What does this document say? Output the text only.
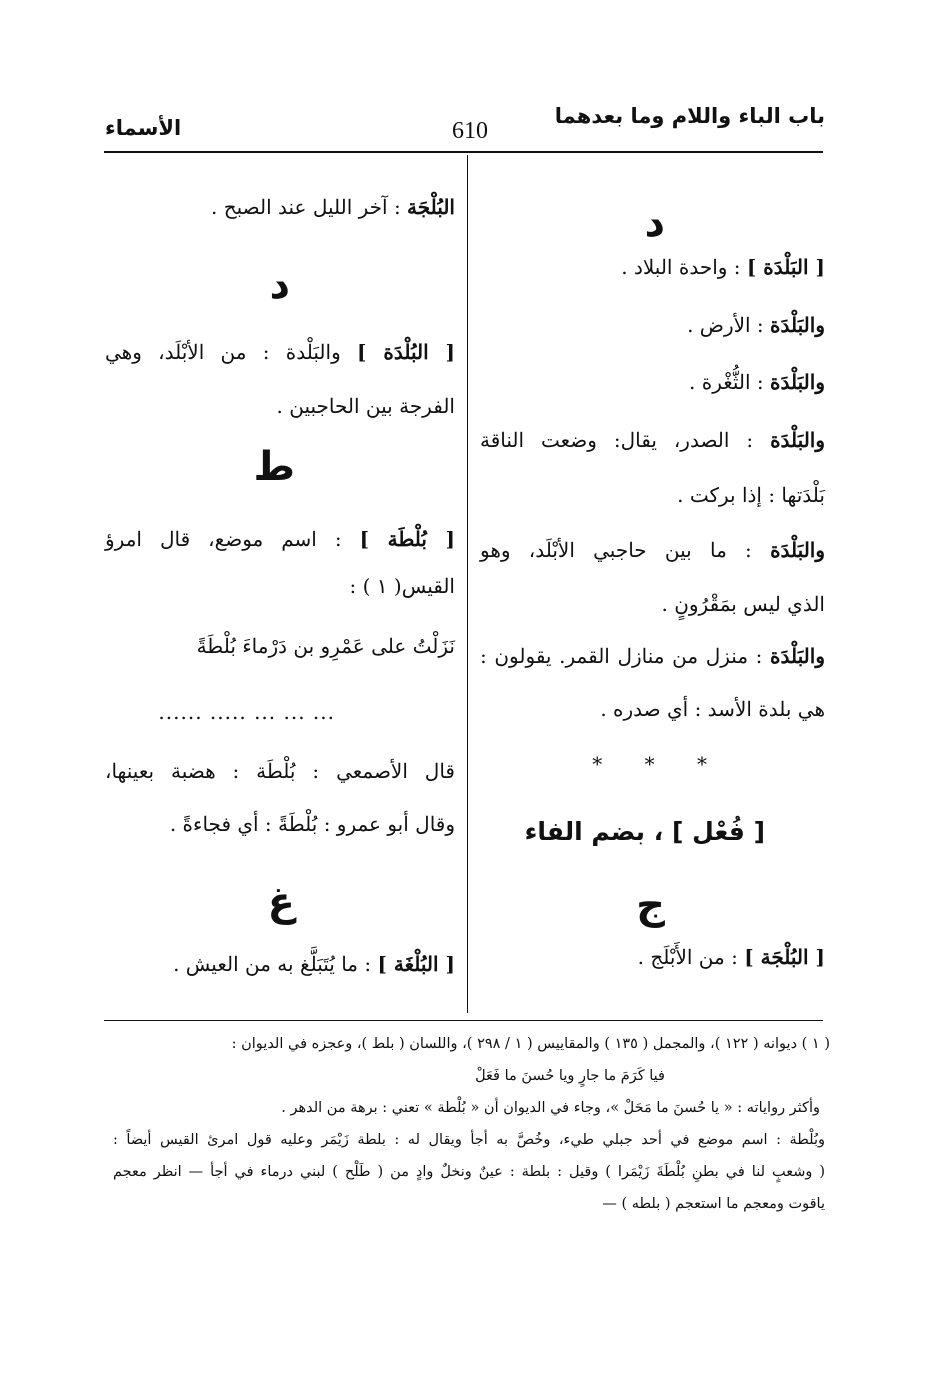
باب الباء واللام وما بعدهما
610
الأسماء
د
[ البَلْدَة ] : واحدة البلاد .
والبَلْدَة : الأرض .
والبَلْدَة : الثُّغْرة .
والبَلْدَة : الصدر، يقال: وضعت الناقة
بَلْدَتها : إذا بركت .
والبَلْدَة : ما بين حاجبي الأبْلَد، وهو
الذي ليس بمَقْرُونٍ .
والبَلْدَة : منزل من منازل القمر. يقولون :
هي بلدة الأسد : أي صدره .
* * *
[ فُعْل ] ، بضم الفاء
ج
[ البُلْجَة ] : من الأَبْلَج .
البُلْجَة : آخر الليل عند الصبح .
د
[ البُلْدَة ] والبَلْدة : من الأبْلَد، وهي
الفرجة بين الحاجبين .
ط
[ بُلْطَة ] : اسم موضع، قال امرؤ
القيس( ١ ) :
نَزَلْتُ على عَمْرِو بن دَرْماءَ بُلْطَةً
...... ..... ... ... ...
قال الأصمعي : بُلْطَة : هضبة بعينها،
وقال أبو عمرو : بُلْطَةً : أي فجاءةً .
غ
[ البُلْغَة ] : ما يُتَبَلَّغ به من العيش .
( ١ ) ديوانه ( ١٢٢ )، والمجمل ( ١٣٥ ) والمقاييس ( ١ / ٢٩٨ )، واللسان ( بلط )، وعجزه في الديوان :
فيا كَرَمَ ما جارٍ ويا حُسنَ ما فَعَلْ
وأكثر رواياته : « يا حُسنَ ما مَحَلْ »، وجاء في الديوان أن « بُلْطة » تعني : برهة من الدهر .
وبُلْطة : اسم موضع في أحد جبلي طيء، وخُصَّ به أجأ ويقال له : بلطة زَيْمَر وعليه قول امرئ القيس أيضاً :
( وشعبٍ لنا في بطنِ بُلْطَةَ زَيْمَرا ) وقيل : بلطة : عينٌ ونخلٌ وادٍ من ( طَلْح ) لبني درماء في أجأ — انظر معجم
ياقوت ومعجم ما استعجم ( بلطه ) —
